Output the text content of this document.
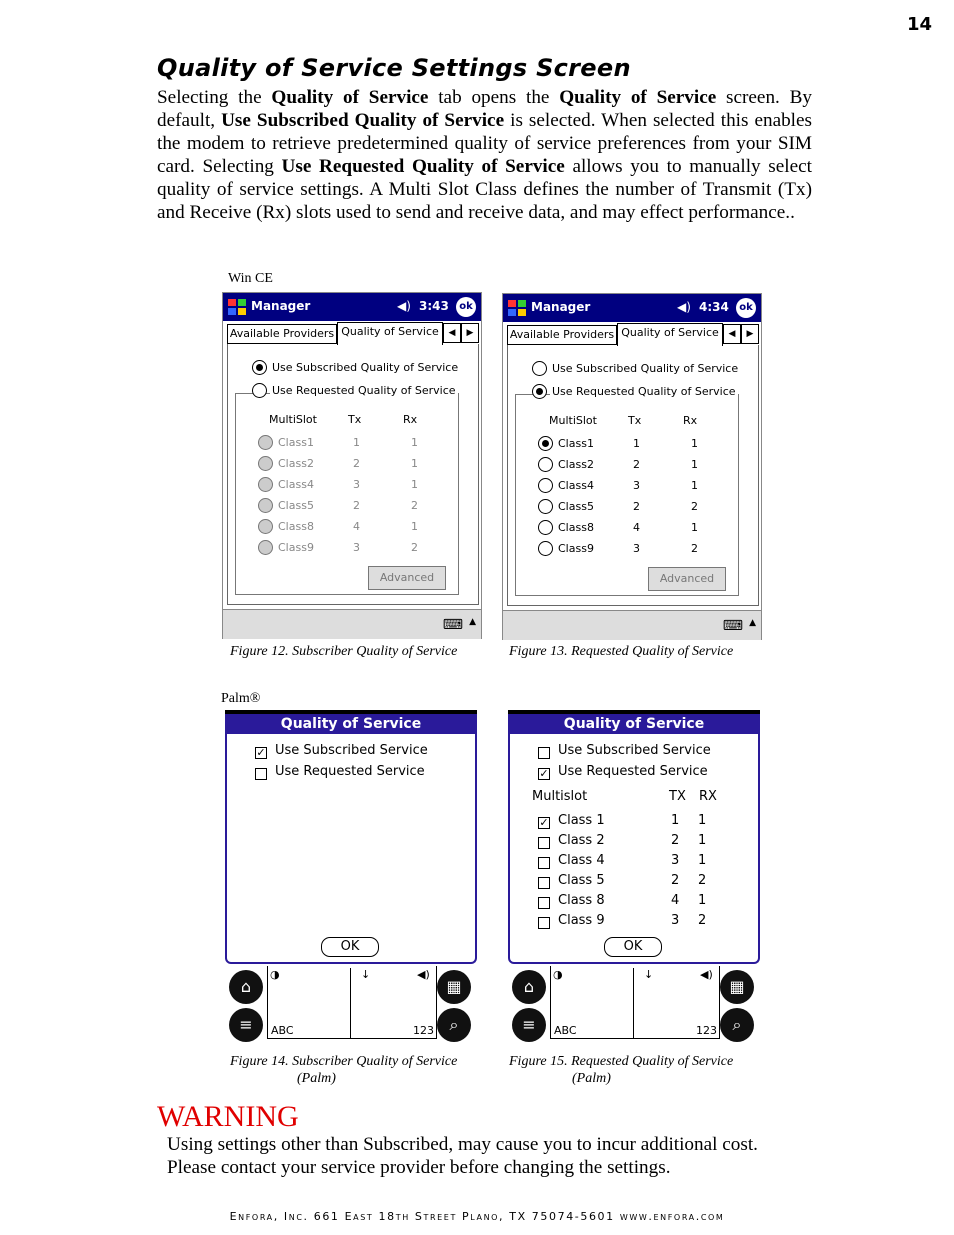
14
Quality of Service Settings Screen
Selecting the Quality of Service tab opens the Quality of Service screen. By default, Use Subscribed Quality of Service is selected. When selected this enables the modem to retrieve predetermined quality of service preferences from your SIM card. Selecting Use Requested Quality of Service allows you to manually select quality of service settings. A Multi Slot Class defines the number of Transmit (Tx) and Receive (Rx) slots used to send and receive data, and may effect performance..
Win CE
Manager	◀) 3:43	ok
Available Providers Quality of Service	◀	▶
Use Subscribed Quality of Service
Use Requested Quality of Service
MultiSlot	Tx	Rx
Class1	1	1
Class2	2	1
Class4	3	1
Class5	2	2
Class8	4	1
Class9	3	2
Advanced
⌨ ▲
Figure 12. Subscriber Quality of Service
Manager	◀) 4:34	ok
Available Providers Quality of Service	◀	▶
Use Subscribed Quality of Service
Use Requested Quality of Service
MultiSlot	Tx	Rx
Class1	1	1
Class2	2	1
Class4	3	1
Class5	2	2
Class8	4	1
Class9	3	2
Advanced
⌨ ▲
Figure 13. Requested Quality of Service
Palm®
Quality of Service
✓ Use Subscribed Service
Use Requested Service
OK
⌂
≡
▦
⌕
◑	↓	◀)
ABC	123
Figure 14. Subscriber Quality of Service
(Palm)
Quality of Service
Use Subscribed Service
✓ Use Requested Service
Multislot	TX RX
✓ Class 1	1 1
Class 2	2 1
Class 4	3 1
Class 5	2 2
Class 8	4 1
Class 9	3 2
OK
⌂
≡
▦
⌕
◑	↓	◀)
ABC	123
Figure 15. Requested Quality of Service
(Palm)
WARNING
Using settings other than Subscribed, may cause you to incur additional cost.
Please contact your service provider before changing the settings.
Enfora, Inc. 661 East 18th Street Plano, TX 75074-5601 www.enfora.com
